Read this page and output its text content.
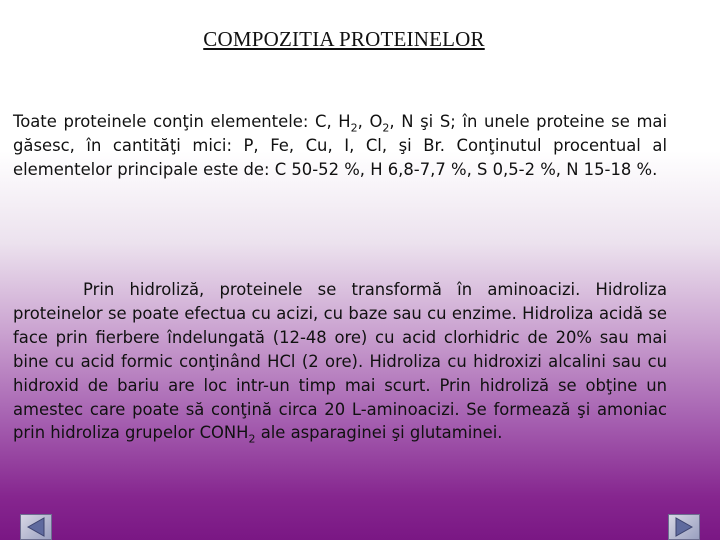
COMPOZITIA PROTEINELOR

Toate proteinele conţin elementele: C, $H_2$, $O_2$, N şi S; în unele proteine se mai găsesc, în cantităţi mici: P, Fe, Cu, I, Cl, şi Br. Conţinutul procentual al elementelor principale este de: C 50-52 %, H 6,8-7,7 %, S 0,5-2 %, N 15-18 %.

Prin hidroliză, proteinele se transformă în aminoacizi. Hidroliza proteinelor se poate efectua cu acizi, cu baze sau cu enzime. Hidroliza acidă se face prin fierbere îndelungată (12-48 ore) cu acid clorhidric de 20% sau mai bine cu acid formic conţinând HCl (2 ore). Hidroliza cu hidroxizi alcalini sau cu hidroxid de bariu are loc intr-un timp mai scurt. Prin hidroliză se obţine un amestec care poate să conţină circa 20 L-aminoacizi. Se formează şi amoniac prin hidroliza grupelor $CONH_2$ ale asparaginei şi glutaminei.
